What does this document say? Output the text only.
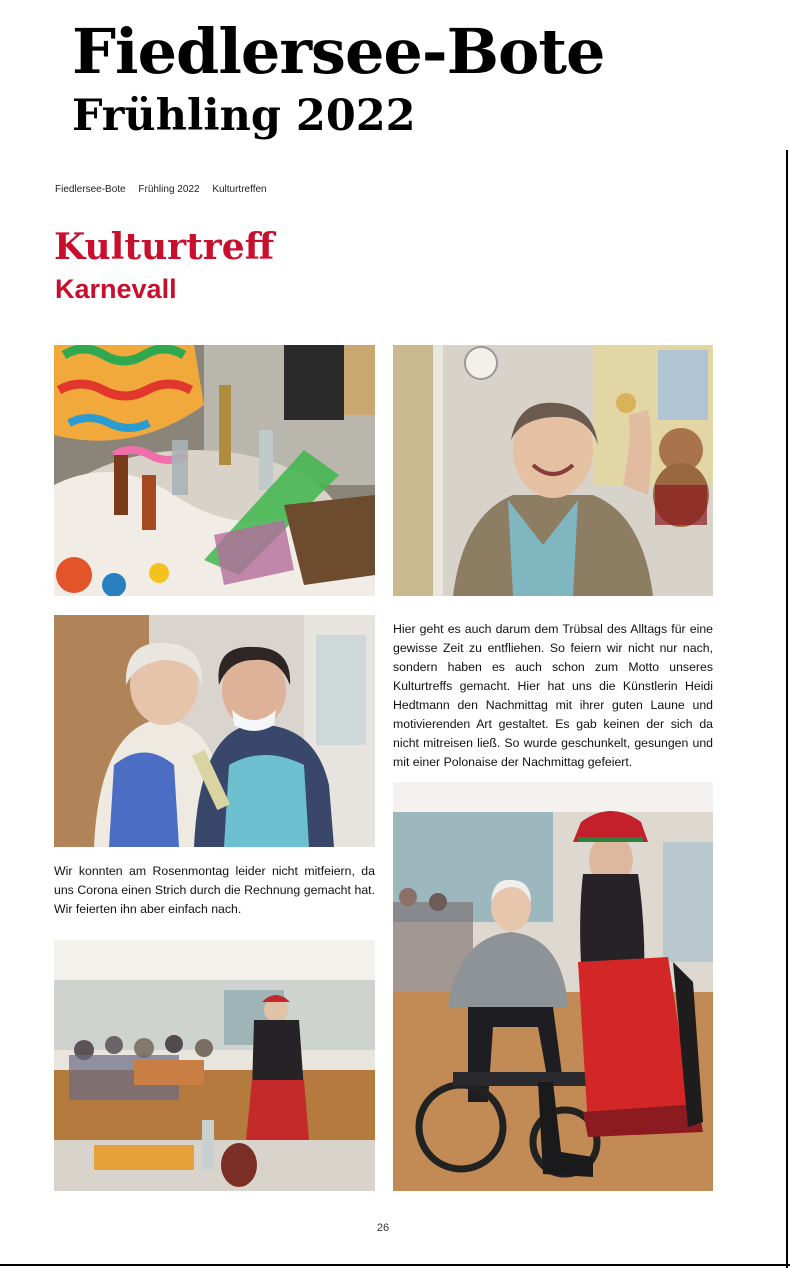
Fiedlersee-Bote
Frühling 2022
Fiedlersee-Bote Frühling 2022 Kulturtreffen
Kulturtreff
Karnevall

Hier geht es auch darum dem Trübsal des Alltags für eine gewisse Zeit zu entfliehen. So feiern wir nicht nur nach, sondern haben es auch schon zum Motto unseres Kulturtreffs gemacht. Hier hat uns die Künstlerin Heidi Hedtmann den Nachmittag mit ihrer guten Laune und motivierenden Art gestaltet. Es gab keinen der sich da nicht mitreisen ließ. So wurde geschunkelt, gesungen und mit einer Polonaise der Nachmittag gefeiert.

Wir konnten am Rosenmontag leider nicht mitfeiern, da uns Corona einen Strich durch die Rechnung gemacht hat. Wir feierten ihn aber einfach nach.

26
